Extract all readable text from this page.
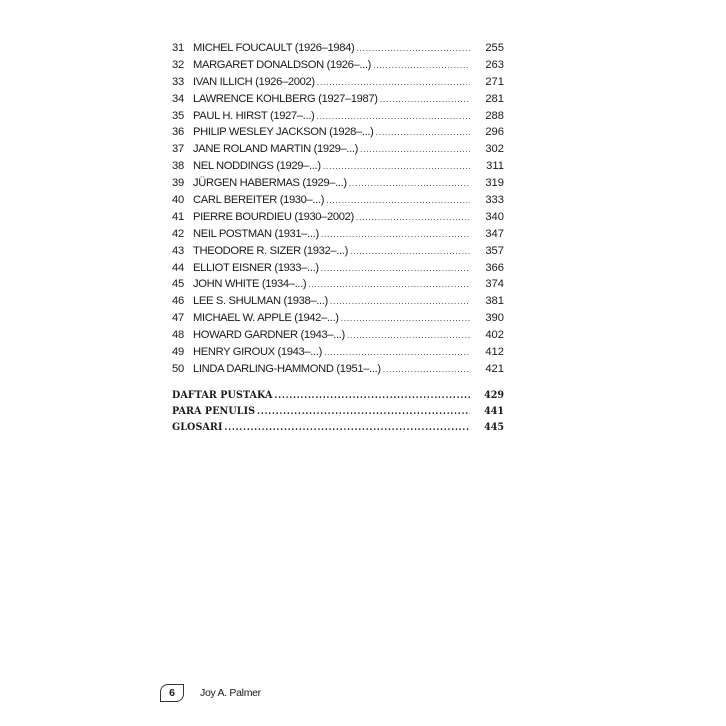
31 MICHEL FOUCAULT (1926–1984) .....	255
32 MARGARET DONALDSON (1926–...) .....	263
33 IVAN ILLICH (1926–2002) .....	271
34 LAWRENCE KOHLBERG (1927–1987) .....	281
35 PAUL H. HIRST (1927–...) .....	288
36 PHILIP WESLEY JACKSON (1928–...) .....	296
37 JANE ROLAND MARTIN (1929–...) .....	302
38 NEL NODDINGS (1929–...) .....	311
39 JÜRGEN HABERMAS (1929–...) .....	319
40 CARL BEREITER (1930–...) .....	333
41 PIERRE BOURDIEU (1930–2002) .....	340
42 NEIL POSTMAN (1931–...) .....	347
43 THEODORE R. SIZER (1932–...) .....	357
44 ELLIOT EISNER (1933–...) .....	366
45 JOHN WHITE (1934–...) .....	374
46 LEE S. SHULMAN (1938–...) .....	381
47 MICHAEL W. APPLE (1942–...) .....	390
48 HOWARD GARDNER (1943–...) .....	402
49 HENRY GIROUX (1943–...) .....	412
50 LINDA DARLING-HAMMOND (1951–...) .....	421
DAFTAR PUSTAKA .....	429
PARA PENULIS .....	441
GLOSARI .....	445
6 Joy A. Palmer
